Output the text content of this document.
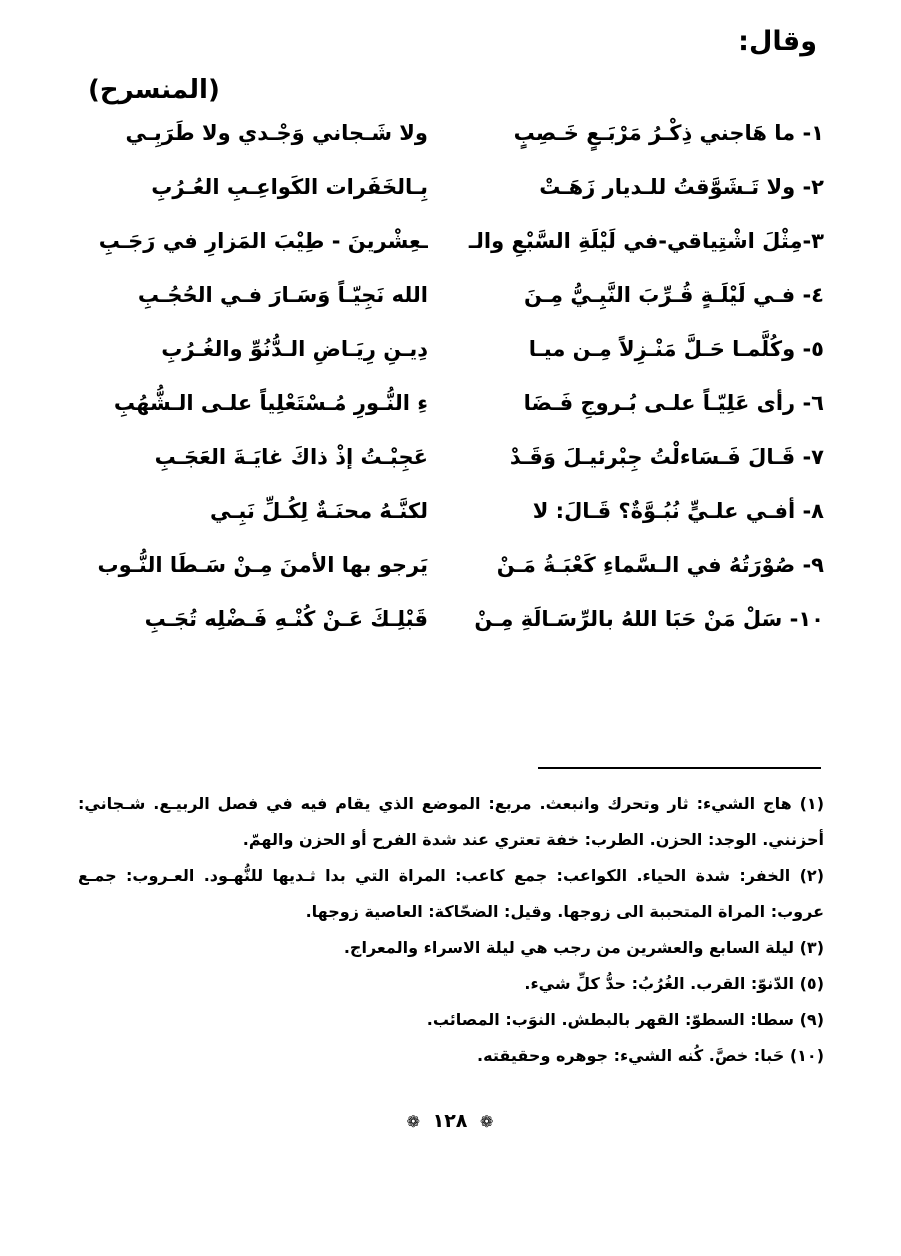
وقال:
(المنسرح)
١- ما هَاجني ذِكْـرُ مَرْبَـعٍ خَـصِبٍ
ولا شَـجاني وَجْـدي ولا طَرَبِـي
٢- ولا تَـشَوَّقتُ للـديار زَهَـتْ
بِـالخَفَرات الكَواعِـبِ العُـرُبِ
٣-مِثْلَ اشْتِياقي-في لَيْلَةِ السَّبْعِ والـ
ـعِشْرينَ - طِيْبَ المَزارِ في رَجَـبِ
٤- فـي لَيْلَـةٍ قُـرِّبَ النَّبِـيُّ مِـنَ
الله نَجِيّـاً وَسَـارَ فـي الحُجُـبِ
٥- وكُلَّمـا حَـلَّ مَنْـزِلاً مِـن ميـا
دِيـنِ رِيَـاضِ الـدُّنُوِّ والغُـرُبِ
٦- رأى عَلِيّـاً علـى بُـروجِ فَـضَا
ءِ النُّـورِ مُـسْتَعْلِياً علـى الـشُّهُبِ
٧- قَـالَ فَـسَاءلْتُ جِبْرئيـلَ وَقَـدْ
عَجِبْـتُ إذْ ذاكَ غايَـةَ العَجَـبِ
٨- أفـي علـيٍّ نُبُـوَّةٌ؟ قَـالَ: لا
لكنَّـهُ محنَـةٌ لِكُـلِّ نَبِـي
٩- صُوْرَتُهُ في الـسَّماءِ كَعْبَـةُ مَـنْ
يَرجو بها الأمنَ مِـنْ سَـطَا النُّـوب
١٠- سَلْ مَنْ حَبَا اللهُ بالرِّسَـالَةِ مِـنْ
قَبْلِـكَ عَـنْ كُنْـهِ فَـضْلِه تُجَـبِ

(١) هاج الشيء: ثار وتحرك وانبعث. مربع: الموضع الذي يقام فيه في فصل الربيـع. شـجاني: أحزنني. الوجد: الحزن. الطرب: خفة تعتري عند شدة الفرح أو الحزن والهمّ.

(٢) الخفر: شدة الحياء. الكواعب: جمع كاعب: المراة التي بدا ثـديها للنُّهـود. العـروب: جمـع عروب: المراة المتحببة الى زوجها. وقيل: الضحّاكة: العاصية زوجها.

(٣) ليلة السابع والعشرين من رجب هي ليلة الاسراء والمعراج.

(٥) الدّنوّ: القرب. الغُرُبُ: حدُّ كلِّ شيء.

(٩) سطا: السطوّ: القهر بالبطش. النوَب: المصائب.

(١٠) حَبا: خصَّ. كُنه الشيء: جوهره وحقيقته.

❁ ١٢٨ ❁
